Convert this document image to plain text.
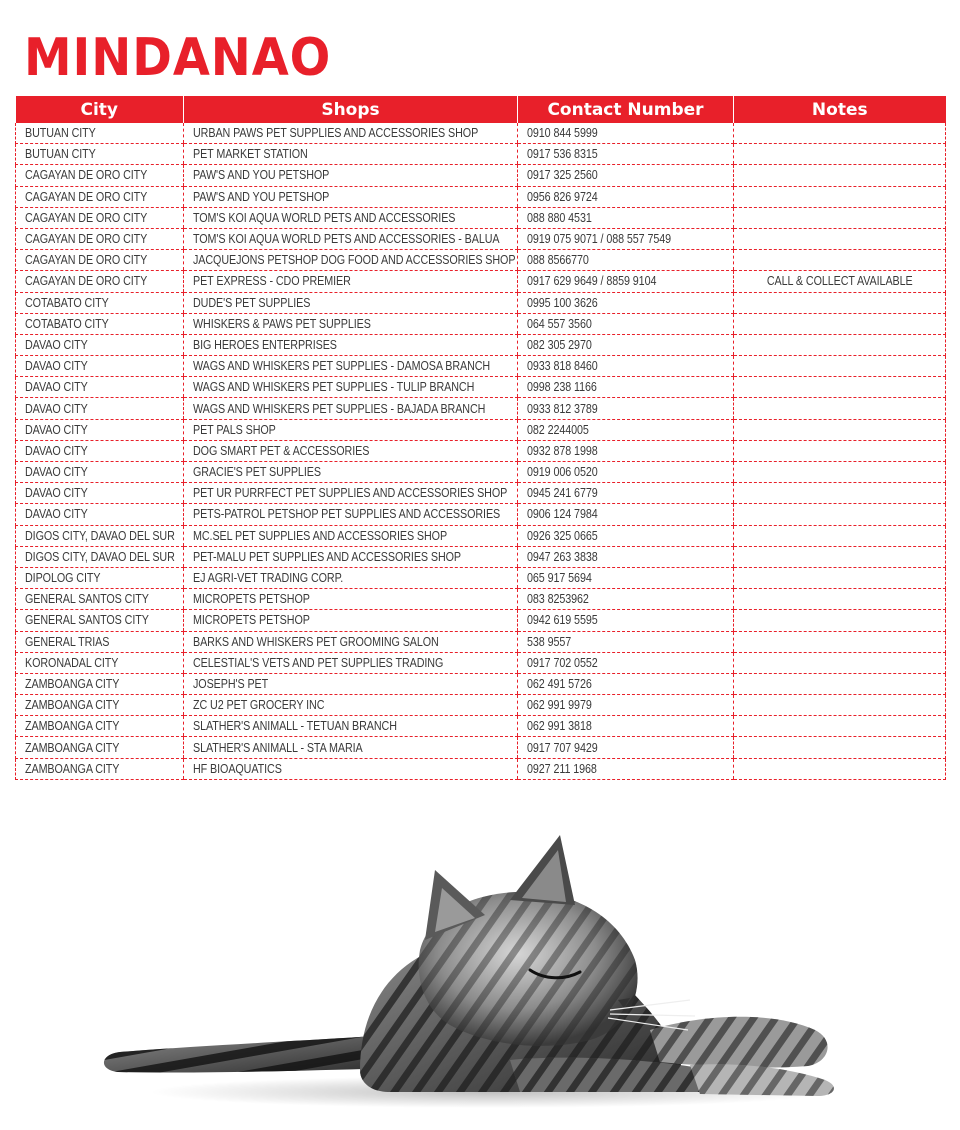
MINDANAO
City	Shops	Contact Number	Notes
BUTUAN CITY	URBAN PAWS PET SUPPLIES AND ACCESSORIES SHOP	0910 844 5999	
BUTUAN CITY	PET MARKET STATION	0917 536 8315	
CAGAYAN DE ORO CITY	PAW'S AND YOU PETSHOP	0917 325 2560	
CAGAYAN DE ORO CITY	PAW'S AND YOU PETSHOP	0956 826 9724	
CAGAYAN DE ORO CITY	TOM'S KOI AQUA WORLD PETS AND ACCESSORIES	088 880 4531	
CAGAYAN DE ORO CITY	TOM'S KOI AQUA WORLD PETS AND ACCESSORIES - BALUA	0919 075 9071 / 088 557 7549	
CAGAYAN DE ORO CITY	JACQUEJONS PETSHOP DOG FOOD AND ACCESSORIES SHOP	088 8566770	
CAGAYAN DE ORO CITY	PET EXPRESS - CDO PREMIER	0917 629 9649 / 8859 9104	CALL & COLLECT AVAILABLE
COTABATO CITY	DUDE'S PET SUPPLIES	0995 100 3626	
COTABATO CITY	WHISKERS & PAWS PET SUPPLIES	064 557 3560	
DAVAO CITY	BIG HEROES ENTERPRISES	082 305 2970	
DAVAO CITY	WAGS AND WHISKERS PET SUPPLIES - DAMOSA BRANCH	0933 818 8460	
DAVAO CITY	WAGS AND WHISKERS PET SUPPLIES - TULIP BRANCH	0998 238 1166	
DAVAO CITY	WAGS AND WHISKERS PET SUPPLIES - BAJADA BRANCH	0933 812 3789	
DAVAO CITY	PET PALS SHOP	082 2244005	
DAVAO CITY	DOG SMART PET & ACCESSORIES	0932 878 1998	
DAVAO CITY	GRACIE'S PET SUPPLIES	0919 006 0520	
DAVAO CITY	PET UR PURRFECT PET SUPPLIES AND ACCESSORIES SHOP	0945 241 6779	
DAVAO CITY	PETS-PATROL PETSHOP PET SUPPLIES AND ACCESSORIES	0906 124 7984	
DIGOS CITY, DAVAO DEL SUR	MC.SEL PET SUPPLIES AND ACCESSORIES SHOP	0926 325 0665	
DIGOS CITY, DAVAO DEL SUR	PET-MALU PET SUPPLIES AND ACCESSORIES SHOP	0947 263 3838	
DIPOLOG CITY	EJ AGRI-VET TRADING CORP.	065 917 5694	
GENERAL SANTOS CITY	MICROPETS PETSHOP	083 8253962	
GENERAL SANTOS CITY	MICROPETS PETSHOP	0942 619 5595	
GENERAL TRIAS	BARKS AND WHISKERS PET GROOMING SALON	538 9557	
KORONADAL CITY	CELESTIAL'S VETS AND PET SUPPLIES TRADING	0917 702 0552	
ZAMBOANGA CITY	JOSEPH'S PET	062 491 5726	
ZAMBOANGA CITY	ZC U2 PET GROCERY INC	062 991 9979	
ZAMBOANGA CITY	SLATHER'S ANIMALL - TETUAN BRANCH	062 991 3818	
ZAMBOANGA CITY	SLATHER'S ANIMALL - STA MARIA	0917 707 9429	
ZAMBOANGA CITY	HF BIOAQUATICS	0927 211 1968	
